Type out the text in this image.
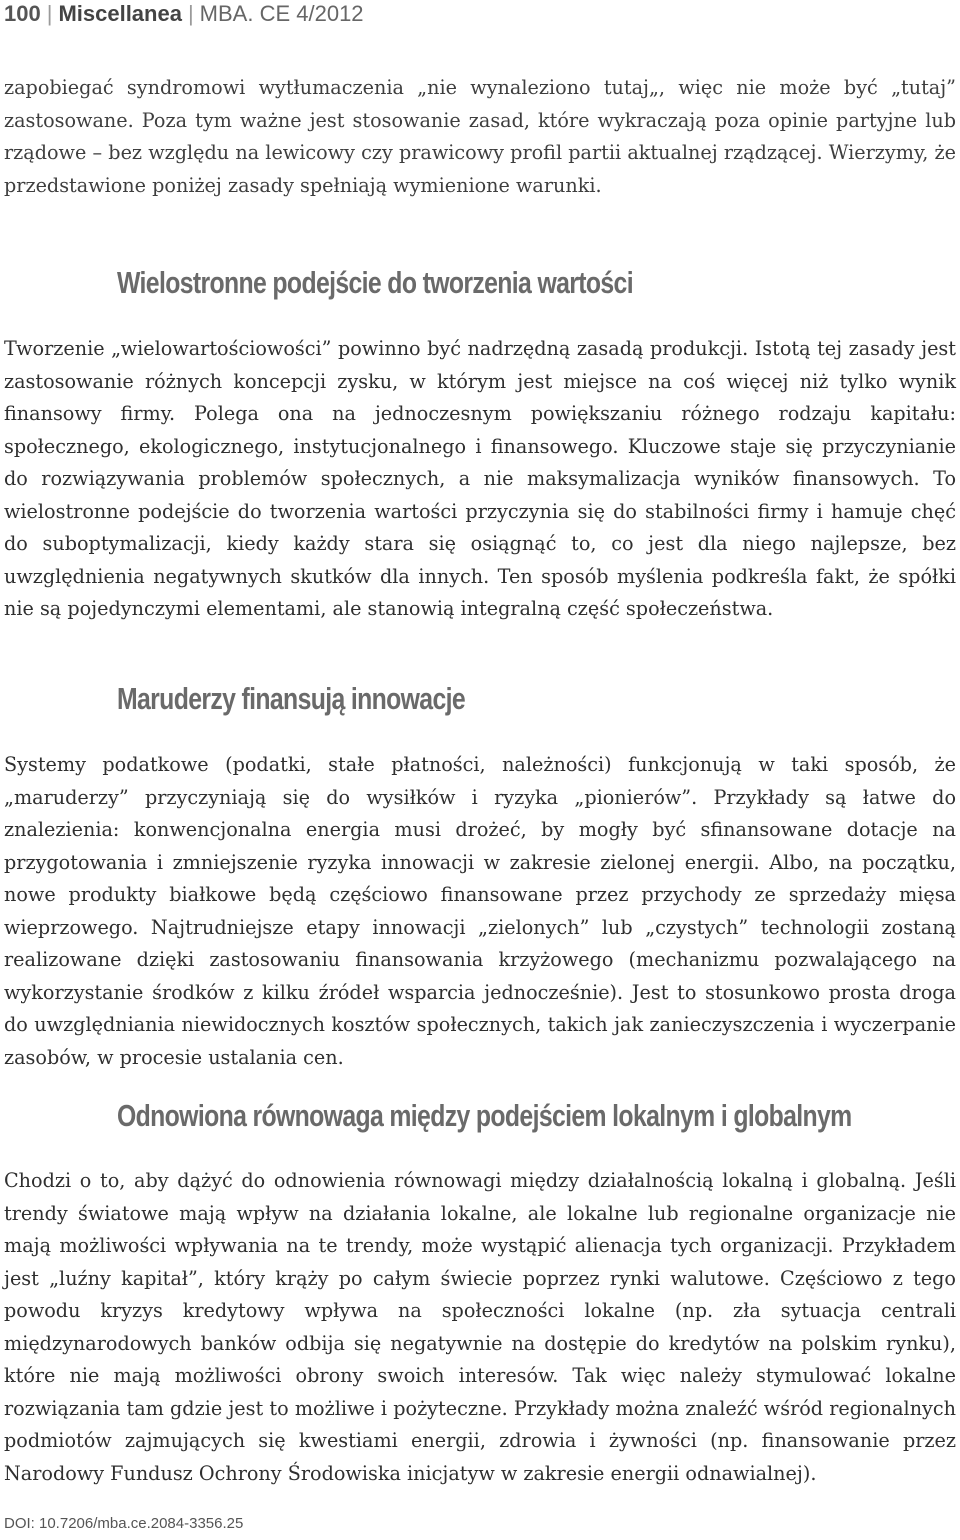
100 | Miscellanea | MBA. CE 4/2012

zapobiegać syndromowi wytłumaczenia „nie wynaleziono tutaj„, więc nie może być „tutaj” zastosowane. Poza tym ważne jest stosowanie zasad, które wykraczają poza opinie partyjne lub rządowe – bez względu na lewicowy czy prawicowy profil partii aktualnej rządzącej. Wierzymy, że przedstawione poniżej zasady spełniają wymienione warunki.

Wielostronne podejście do tworzenia wartości

Tworzenie „wielowartościowości” powinno być nadrzędną zasadą produkcji. Istotą tej zasady jest zastosowanie różnych koncepcji zysku, w którym jest miejsce na coś więcej niż tylko wynik finansowy firmy. Polega ona na jednoczesnym powiększaniu różnego rodzaju kapitału: społecznego, ekologicznego, instytucjonalnego i finansowego. Kluczowe staje się przyczynianie do rozwiązywania problemów społecznych, a nie maksymalizacja wyników finansowych. To wielostronne podejście do tworzenia wartości przyczynia się do stabilności firmy i hamuje chęć do suboptymalizacji, kiedy każdy stara się osiągnąć to, co jest dla niego najlepsze, bez uwzględnienia negatywnych skutków dla innych. Ten sposób myślenia podkreśla fakt, że spółki nie są pojedynczymi elementami, ale stanowią integralną część społeczeństwa.

Maruderzy finansują innowacje

Systemy podatkowe (podatki, stałe płatności, należności) funkcjonują w taki sposób, że „maruderzy” przyczyniają się do wysiłków i ryzyka „pionierów”. Przykłady są łatwe do znalezienia: konwencjonalna energia musi drożeć, by mogły być sfinansowane dotacje na przygotowania i zmniejszenie ryzyka innowacji w zakresie zielonej energii. Albo, na początku, nowe produkty białkowe będą częściowo finansowane przez przychody ze sprzedaży mięsa wieprzowego. Najtrudniejsze etapy innowacji „zielonych” lub „czystych” technologii zostaną realizowane dzięki zastosowaniu finansowania krzyżowego (mechanizmu pozwalającego na wykorzystanie środków z kilku źródeł wsparcia jednocześnie). Jest to stosunkowo prosta droga do uwzględniania niewidocznych kosztów społecznych, takich jak zanieczyszczenia i wyczerpanie zasobów, w procesie ustalania cen.

Odnowiona równowaga między podejściem lokalnym i globalnym

Chodzi o to, aby dążyć do odnowienia równowagi między działalnością lokalną i globalną. Jeśli trendy światowe mają wpływ na działania lokalne, ale lokalne lub regionalne organizacje nie mają możliwości wpływania na te trendy, może wystąpić alienacja tych organizacji. Przykładem jest „luźny kapitał”, który krąży po całym świecie poprzez rynki walutowe. Częściowo z tego powodu kryzys kredytowy wpływa na społeczności lokalne (np. zła sytuacja centrali międzynarodowych banków odbija się negatywnie na dostępie do kredytów na polskim rynku), które nie mają możliwości obrony swoich interesów. Tak więc należy stymulować lokalne rozwiązania tam gdzie jest to możliwe i pożyteczne. Przykłady można znaleźć wśród regionalnych podmiotów zajmujących się kwestiami energii, zdrowia i żywności (np. finansowanie przez Narodowy Fundusz Ochrony Środowiska inicjatyw w zakresie energii odnawialnej).

DOI: 10.7206/mba.ce.2084-3356.25
